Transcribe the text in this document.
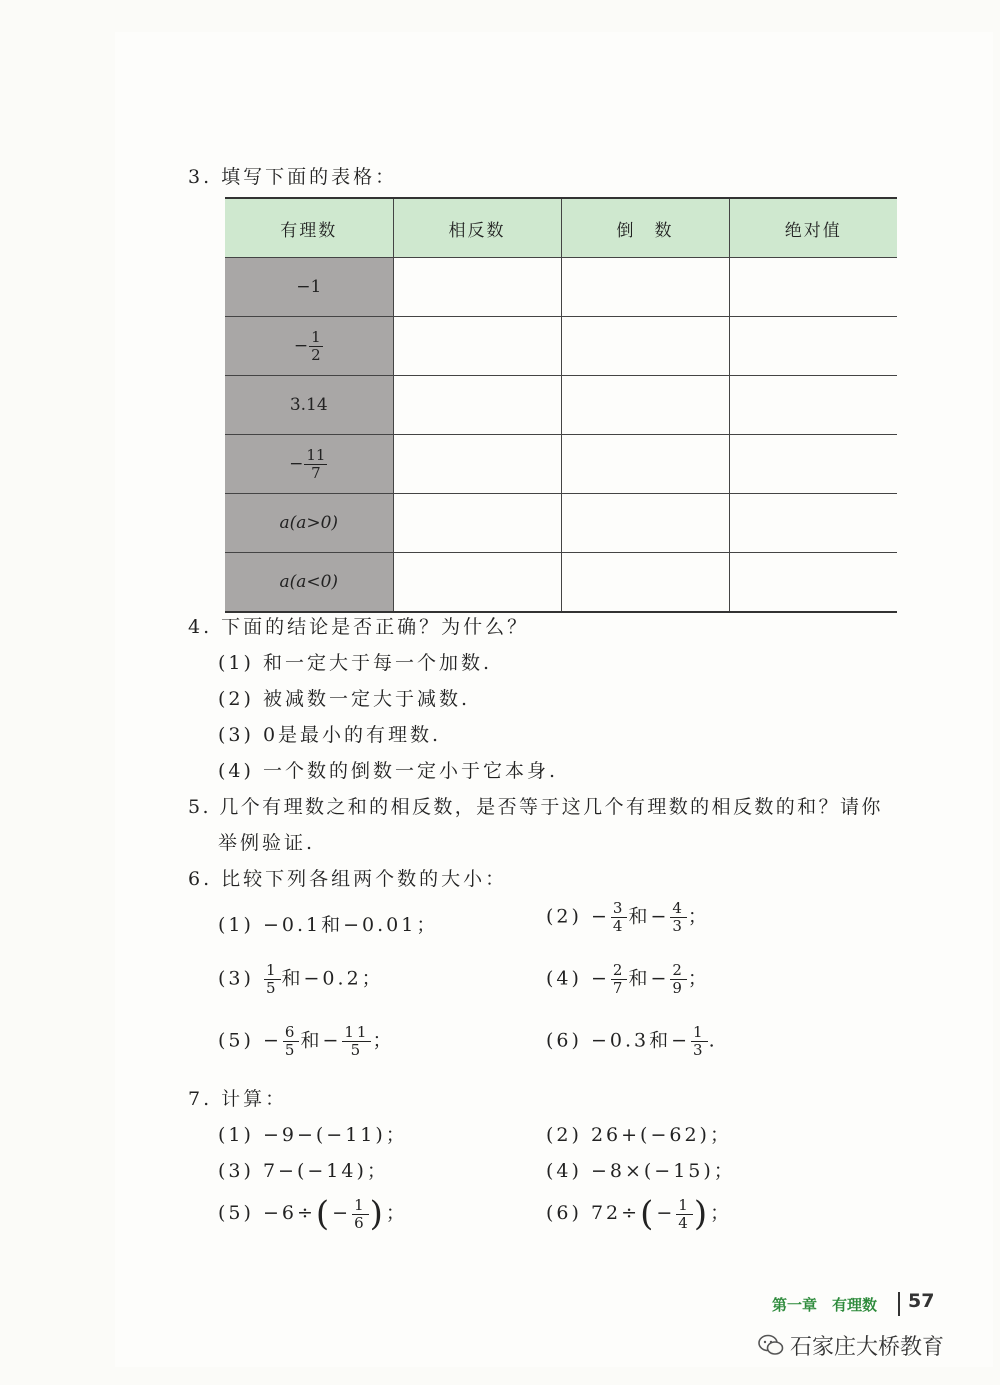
3. 填写下面的表格：
有理数	相反数	倒　数	绝对值
−1			
− $\frac{1}{2}$

3.14			
− $\frac{11}{7}$

a(a>0)			
a(a<0)			
4. 下面的结论是否正确？为什么？
(1) 和一定大于每一个加数.
(2) 被减数一定大于减数.
(3) 0是最小的有理数.
(4) 一个数的倒数一定小于它本身.
5. 几个有理数之和的相反数，是否等于这几个有理数的相反数的和？请你
举例验证.
6. 比较下列各组两个数的大小：
(1) −0.1和−0.01；	$(2) - \frac{3}{4}$ 和− $\frac{4}{3}$ ；
$(3) \frac{1}{5}$ 和−0.2；	$(4) - \frac{2}{7}$ 和− $\frac{2}{9}$ ；
$(5) - \frac{6}{5}$ 和− $\frac{11}{5}$ ；	(6) −0.3和− $\frac{1}{3}$ .
7. 计算：
(1) −9−(−11)；	(2) 26+(−62)；
(3) 7−(−14)；	(4) −8×(−15)；
$(5) -6\div(- \frac{1}{6}$ )；	(6) $72\div(- \frac{1}{4}$ )；
第一章　有理数 57
石家庄大桥教育
